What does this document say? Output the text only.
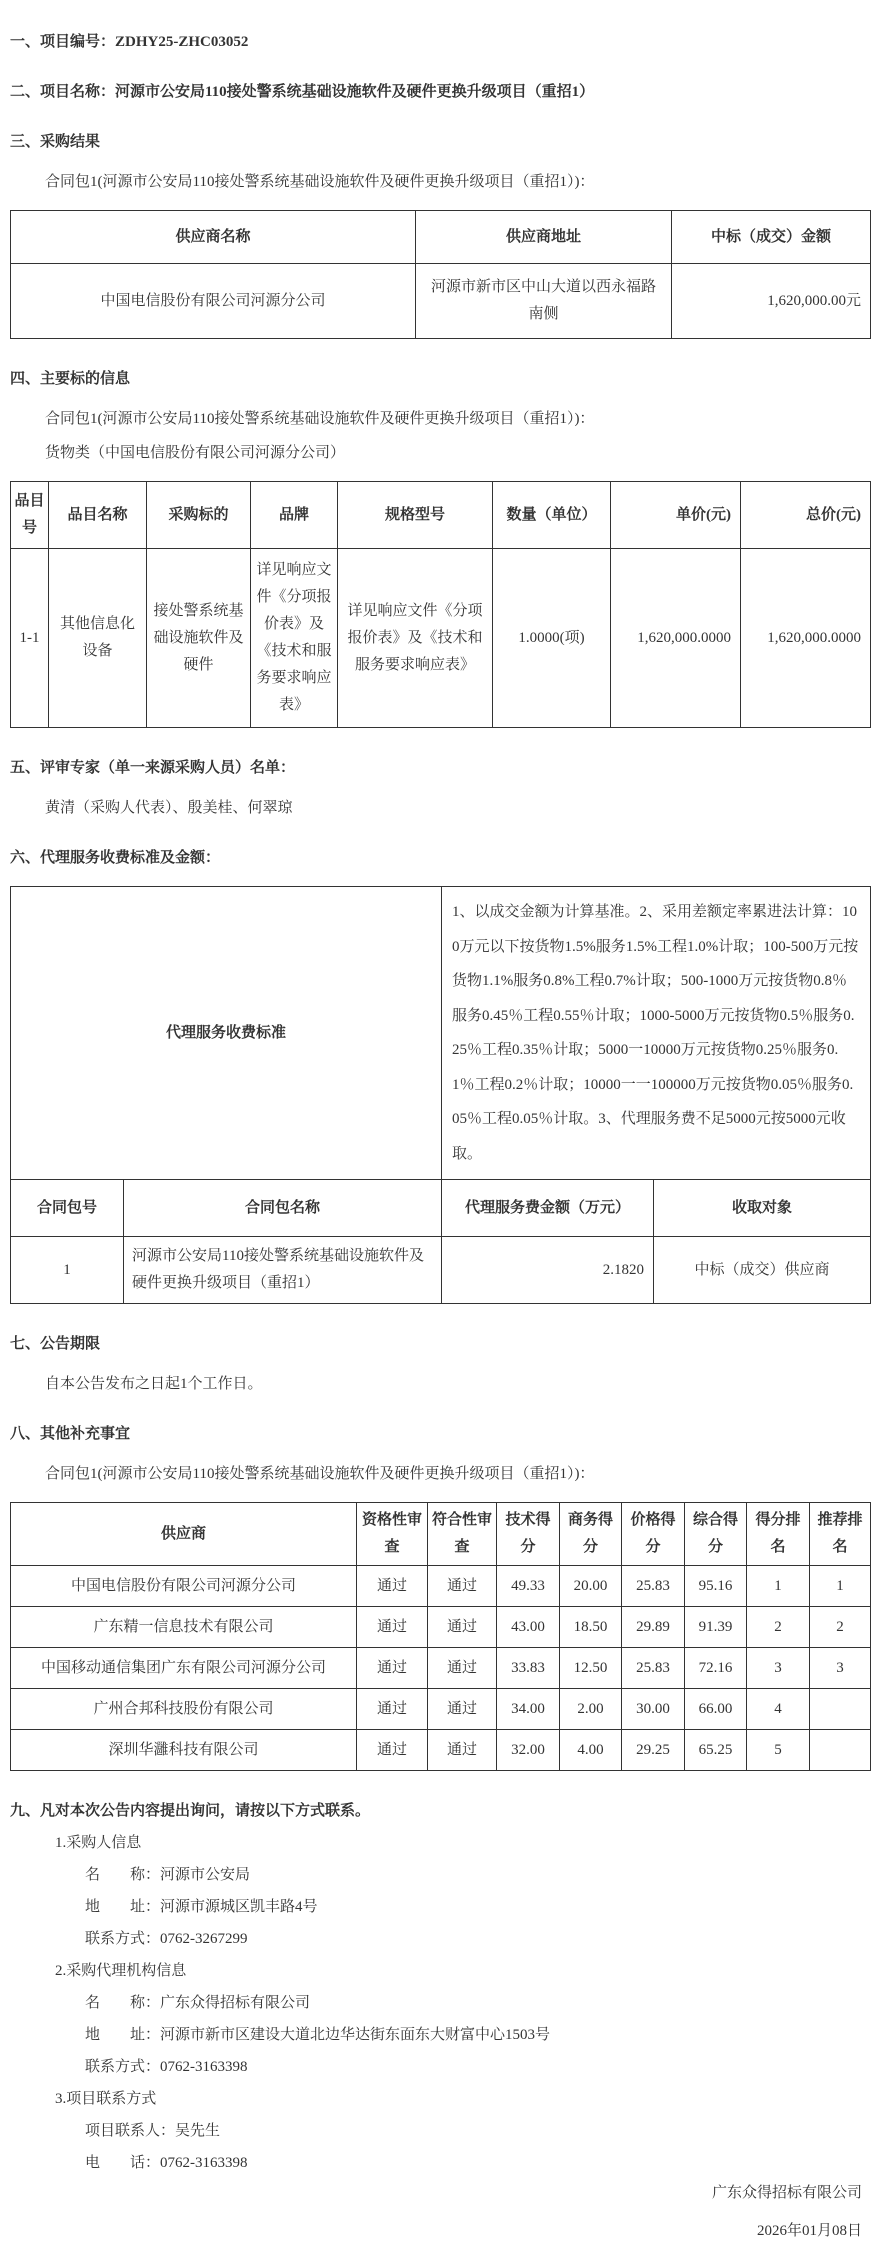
一、项目编号：ZDHY25-ZHC03052
二、项目名称：河源市公安局110接处警系统基础设施软件及硬件更换升级项目（重招1）
三、采购结果
合同包1(河源市公安局110接处警系统基础设施软件及硬件更换升级项目（重招1）)：
供应商名称	供应商地址	中标（成交）金额
中国电信股份有限公司河源分公司	河源市新市区中山大道以西永福路南侧	1,620,000.00元
四、主要标的信息
合同包1(河源市公安局110接处警系统基础设施软件及硬件更换升级项目（重招1）)：
货物类（中国电信股份有限公司河源分公司）
品目号	品目名称	采购标的	品牌	规格型号	数量（单位）	单价(元)	总价(元)
1-1	其他信息化设备	接处警系统基础设施软件及硬件	详见响应文件《分项报价表》及《技术和服务要求响应表》	详见响应文件《分项报价表》及《技术和服务要求响应表》	1.0000(项)	1,620,000.0000	1,620,000.0000
五、评审专家（单一来源采购人员）名单：
黄清（采购人代表）、殷美桂、何翠琼
六、代理服务收费标准及金额：
代理服务收费标准		1、以成交金额为计算基准。2、采用差额定率累进法计算：100万元以下按货物1.5%服务1.5%工程1.0%计取；100-500万元按货物1.1%服务0.8%工程0.7%计取；500-1000万元按货物0.8％服务0.45％工程0.55％计取；1000-5000万元按货物0.5％服务0.25％工程0.35％计取；5000一10000万元按货物0.25％服务0.1％工程0.2％计取；10000一一100000万元按货物0.05％服务0.05％工程0.05％计取。3、代理服务费不足5000元按5000元收取。	
合同包号	合同包名称	代理服务费金额（万元）	收取对象
1	河源市公安局110接处警系统基础设施软件及硬件更换升级项目（重招1）	2.1820	中标（成交）供应商
七、公告期限
自本公告发布之日起1个工作日。
八、其他补充事宜
合同包1(河源市公安局110接处警系统基础设施软件及硬件更换升级项目（重招1）)：
供应商	资格性审查	符合性审查	技术得分	商务得分	价格得分	综合得分	得分排名	推荐排名
中国电信股份有限公司河源分公司	通过	通过	49.33	20.00	25.83	95.16	1	1
广东精一信息技术有限公司	通过	通过	43.00	18.50	29.89	91.39	2	2
中国移动通信集团广东有限公司河源分公司	通过	通过	33.83	12.50	25.83	72.16	3	3
广州合邦科技股份有限公司	通过	通过	34.00	2.00	30.00	66.00	4	
深圳华灉科技有限公司	通过	通过	32.00	4.00	29.25	65.25	5	
九、凡对本次公告内容提出询问，请按以下方式联系。
1.采购人信息
名　　称：河源市公安局
地　　址：河源市源城区凯丰路4号
联系方式：0762-3267299
2.采购代理机构信息
名　　称：广东众得招标有限公司
地　　址：河源市新市区建设大道北边华达街东面东大财富中心1503号
联系方式：0762-3163398
3.项目联系方式
项目联系人：吴先生
电　　话：0762-3163398
广东众得招标有限公司
2026年01月08日
